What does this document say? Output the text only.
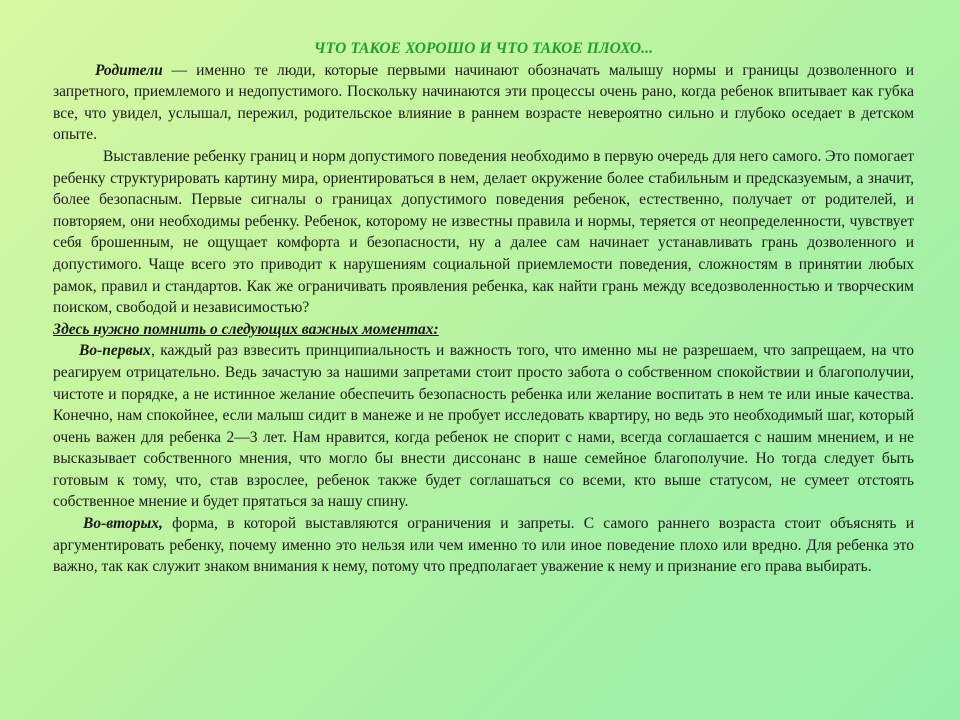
ЧТО ТАКОЕ ХОРОШО И ЧТО ТАКОЕ ПЛОХО...

Родители — именно те люди, которые первыми начинают обозначать малышу нормы и границы дозволенного и запретного, приемлемого и недопустимого. Поскольку начинаются эти процессы очень рано, когда ребенок впитывает как губка все, что увидел, услышал, пережил, родительское влияние в раннем возрасте невероятно сильно и глубоко оседает в детском опыте.

Выставление ребенку границ и норм допустимого поведения необходимо в первую очередь для него самого. Это помогает ребенку структурировать картину мира, ориентироваться в нем, делает окружение более стабильным и предсказуемым, а значит, более безопасным. Первые сигналы о границах допустимого поведения ребенок, естественно, получает от родителей, и повторяем, они необходимы ребенку. Ребенок, которому не известны правила и нормы, теряется от неопределенности, чувствует себя брошенным, не ощущает комфорта и безопасности, ну а далее сам начинает устанавливать грань дозволенного и допустимого. Чаще всего это приводит к нарушениям социальной приемлемости поведения, сложностям в принятии любых рамок, правил и стандартов. Как же ограничивать проявления ребенка, как найти грань между вседозволенностью и творческим поиском, свободой и независимостью?

Здесь нужно помнить о следующих важных моментах:

Во-первых, каждый раз взвесить принципиальность и важность того, что именно мы не разрешаем, что запрещаем, на что реагируем отрицательно. Ведь зачастую за нашими запретами стоит просто забота о собственном спокойствии и благополучии, чистоте и порядке, а не истинное желание обеспечить безопасность ребенка или желание воспитать в нем те или иные качества. Конечно, нам спокойнее, если малыш сидит в манеже и не пробует исследовать квартиру, но ведь это необходимый шаг, который очень важен для ребенка 2—3 лет. Нам нравится, когда ребенок не спорит с нами, всегда соглашается с нашим мнением, и не высказывает собственного мнения, что могло бы внести диссонанс в наше семейное благополучие. Но тогда следует быть готовым к тому, что, став взрослее, ребенок также будет соглашаться со всеми, кто выше статусом, не сумеет отстоять собственное мнение и будет прятаться за нашу спину.

Во-вторых, форма, в которой выставляются ограничения и запреты. С самого раннего возраста стоит объяснять и аргументировать ребенку, почему именно это нельзя или чем именно то или иное поведение плохо или вредно. Для ребенка это важно, так как служит знаком внимания к нему, потому что предполагает уважение к нему и признание его права выбирать.
